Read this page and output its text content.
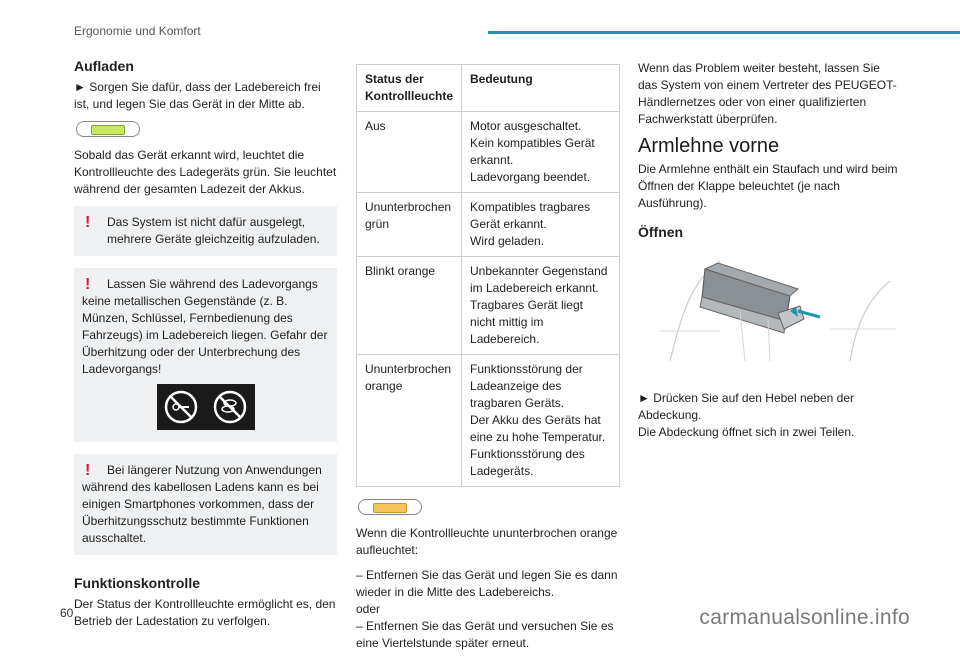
Ergonomie und Komfort
Aufladen

► Sorgen Sie dafür, dass der Ladebereich frei ist, und legen Sie das Gerät in der Mitte ab.

Sobald das Gerät erkannt wird, leuchtet die Kontrollleuchte des Ladegeräts grün. Sie leuchtet während der gesamten Ladezeit der Akkus.

!	Das System ist nicht dafür ausgelegt, mehrere Geräte gleichzeitig aufzuladen.
!	Lassen Sie während des Ladevorgangs keine metallischen Gegenstände (z. B. Münzen, Schlüssel, Fernbedienung des Fahrzeugs) im Ladebereich liegen. Gefahr der Überhitzung oder der Unterbrechung des Ladevorgangs!
!	Bei längerer Nutzung von Anwendungen während des kabellosen Ladens kann es bei einigen Smartphones vorkommen, dass der Überhitzungsschutz bestimmte Funktionen ausschaltet.
Funktionskontrolle

Der Status der Kontrollleuchte ermöglicht es, den Betrieb der Ladestation zu verfolgen.

Status der Kontrollleuchte	Bedeutung
Aus	Motor ausgeschaltet.
Kein kompatibles Gerät erkannt.
Ladevorgang beendet.
Ununterbrochen grün	Kompatibles tragbares Gerät erkannt.
Wird geladen.
Blinkt orange	Unbekannter Gegenstand im Ladebereich erkannt.
Tragbares Gerät liegt nicht mittig im Ladebereich.
Ununterbrochen orange	Funktionsstörung der Ladeanzeige des tragbaren Geräts.
Der Akku des Geräts hat eine zu hohe Temperatur.
Funktionsstörung des Ladegeräts.

Wenn die Kontrollleuchte ununterbrochen orange aufleuchtet:

– Entfernen Sie das Gerät und legen Sie es dann wieder in die Mitte des Ladebereichs.

oder

– Entfernen Sie das Gerät und versuchen Sie es eine Viertelstunde später erneut.

Wenn das Problem weiter besteht, lassen Sie das System von einem Vertreter des PEUGEOT-Händlernetzes oder von einer qualifizierten Fachwerkstatt überprüfen.

Armlehne vorne

Die Armlehne enthält ein Staufach und wird beim Öffnen der Klappe beleuchtet (je nach Ausführung).

Öffnen

► Drücken Sie auf den Hebel neben der Abdeckung.

Die Abdeckung öffnet sich in zwei Teilen.

60	carmanualsonline.info
